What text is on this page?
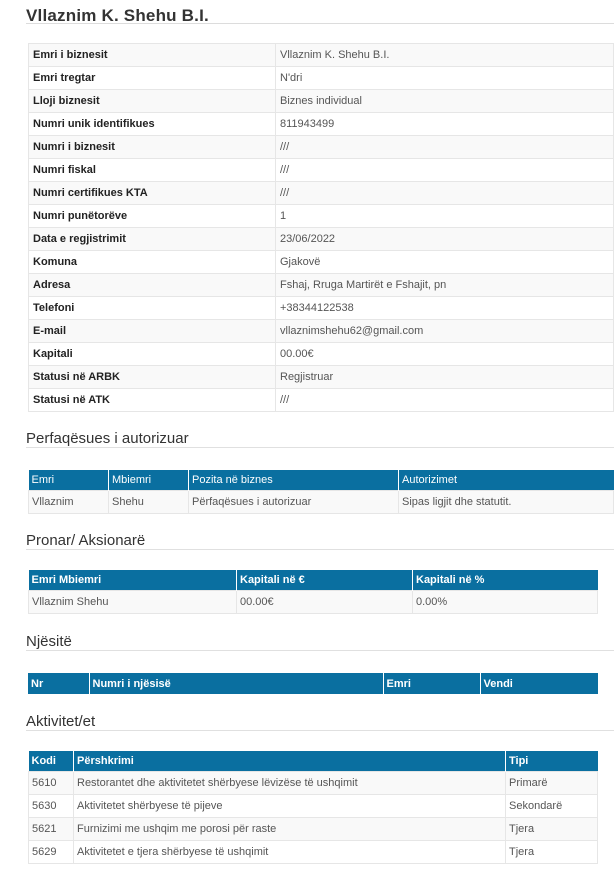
Vllaznim K. Shehu B.I.
Emri i biznesit	Vllaznim K. Shehu B.I.
Emri tregtar	N'dri
Lloji biznesit	Biznes individual
Numri unik identifikues	811943499
Numri i biznesit	///
Numri fiskal	///
Numri certifikues KTA	///
Numri punëtorëve	1
Data e regjistrimit	23/06/2022
Komuna	Gjakovë
Adresa	Fshaj, Rruga Martirët e Fshajit, pn
Telefoni	+38344122538
E-mail	vllaznimshehu62@gmail.com
Kapitali	00.00€
Statusi në ARBK	Regjistruar
Statusi në ATK	///
Perfaqësues i autorizuar
Emri	Mbiemri	Pozita në biznes	Autorizimet
Vllaznim	Shehu	Përfaqësues i autorizuar	Sipas ligjit dhe statutit.
Pronar/ Aksionarë
Emri Mbiemri	Kapitali në €	Kapitali në %
Vllaznim Shehu	00.00€	0.00%
Njësitë
Nr	Numri i njësisë	Emri	Vendi
Aktivitet/et
Kodi	Përshkrimi	Tipi
5610	Restorantet dhe aktivitetet shërbyese lëvizëse të ushqimit	Primarë
5630	Aktivitetet shërbyese të pijeve	Sekondarë
5621	Furnizimi me ushqim me porosi për raste	Tjera
5629	Aktivitetet e tjera shërbyese të ushqimit	Tjera
